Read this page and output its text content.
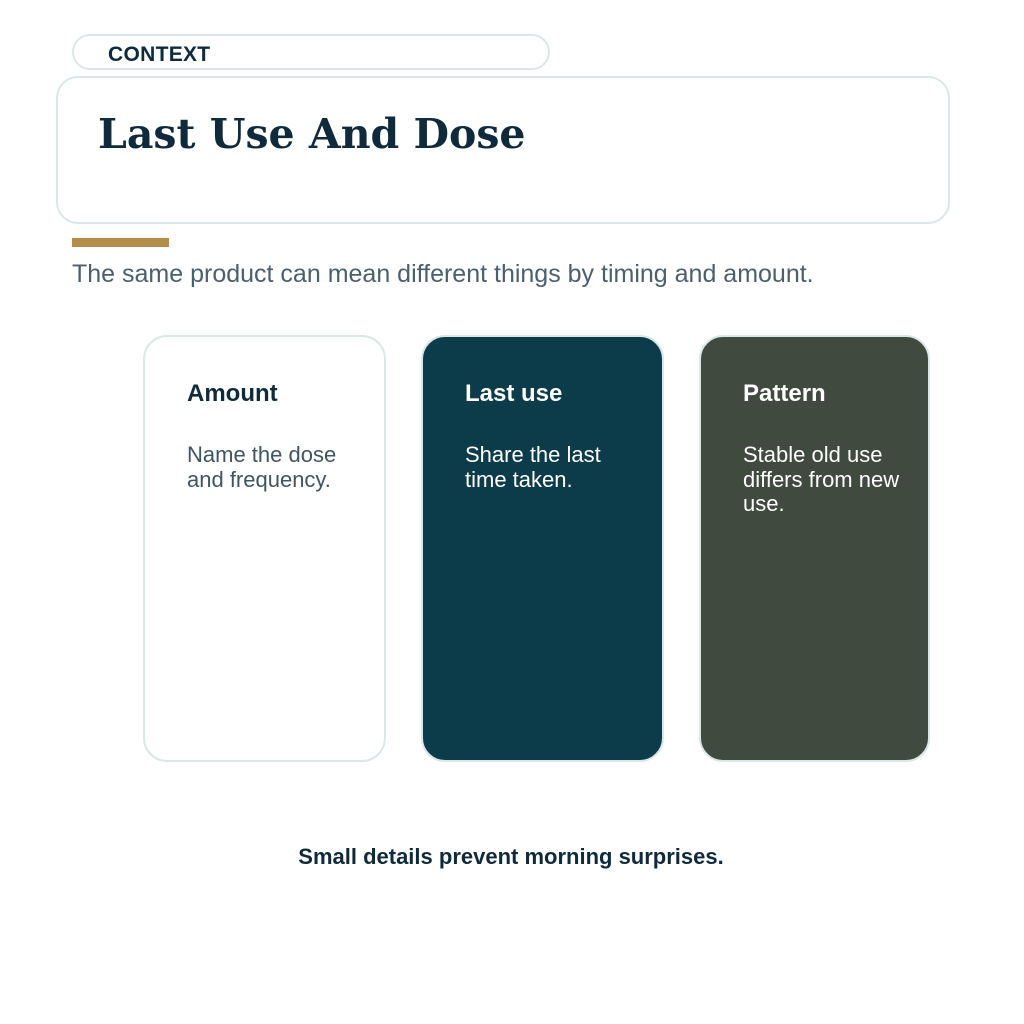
CONTEXT
Last Use And Dose
The same product can mean different things by timing and amount.
Amount
Name the dose and frequency.
Last use
Share the last time taken.
Pattern
Stable old use differs from new use.
Small details prevent morning surprises.
